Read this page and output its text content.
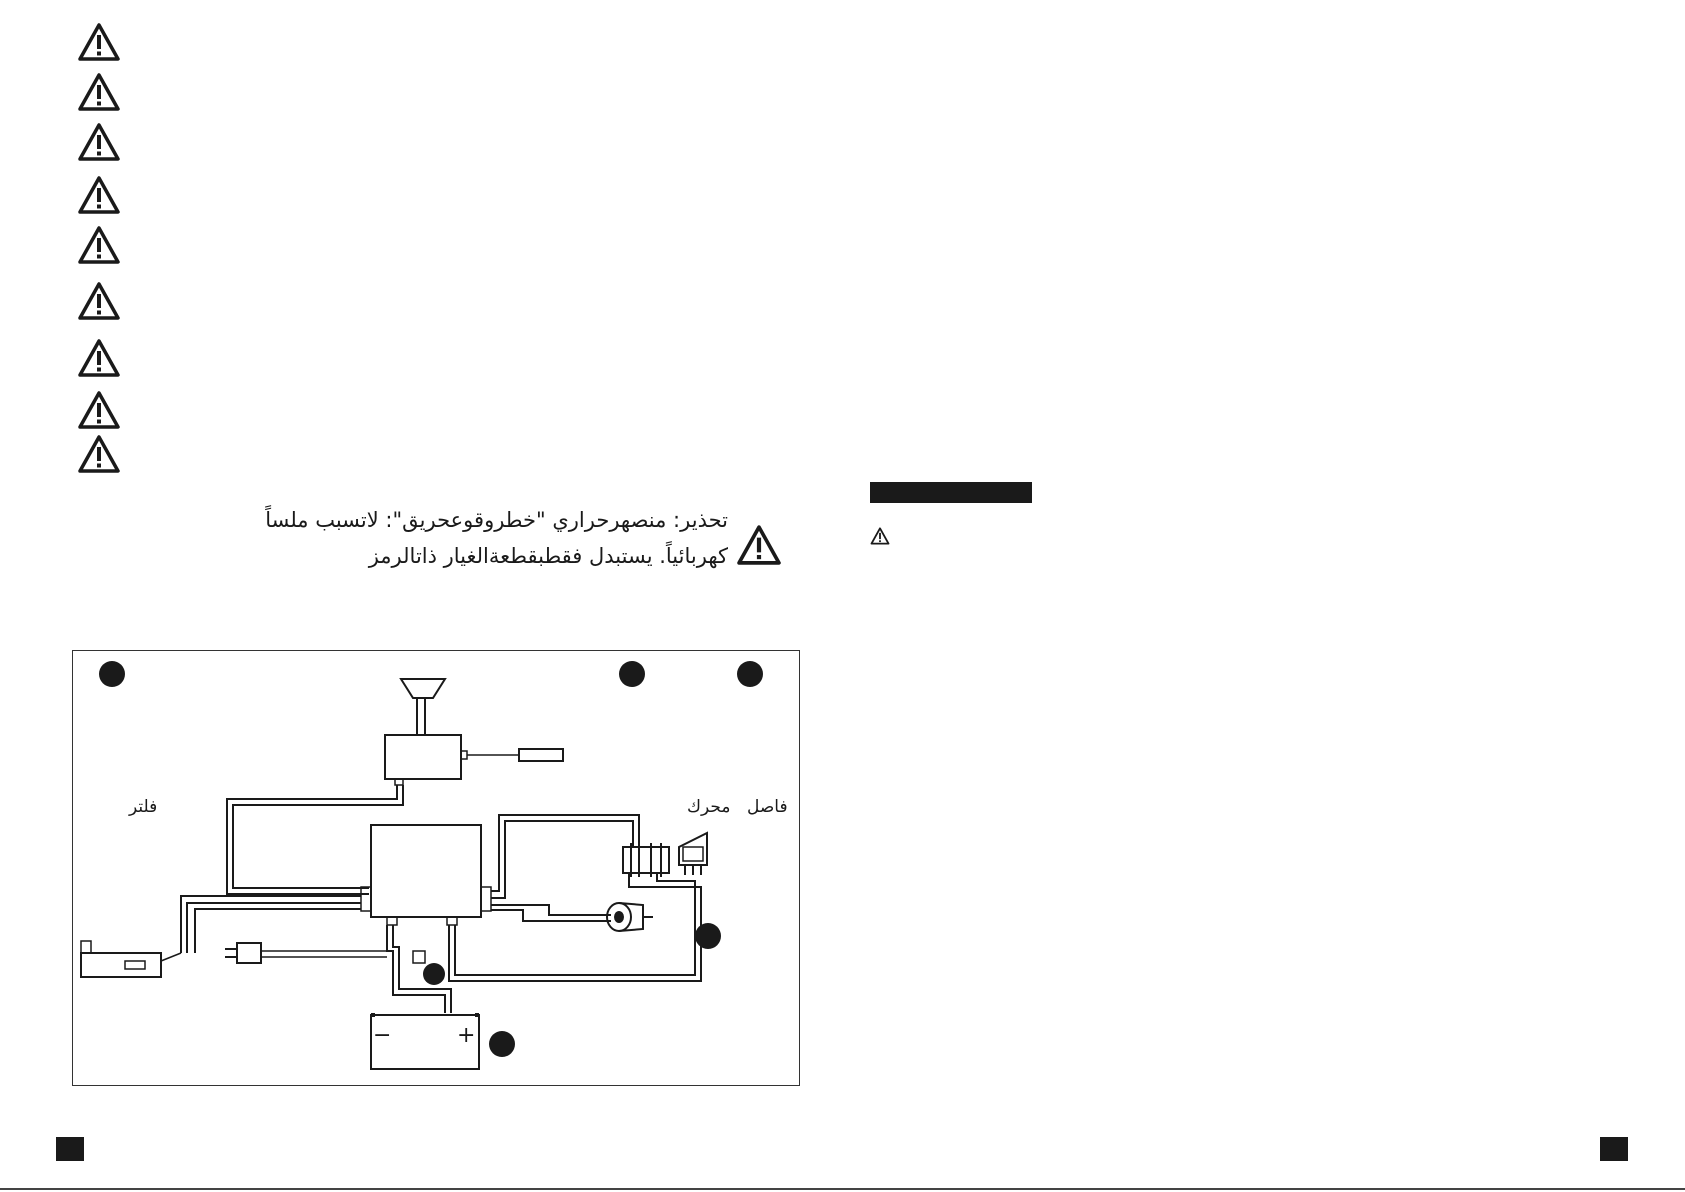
تحذير: منصهرحراري "خطروقوعحريق": لاتسبب ملساً
كهربائياً. يستبدل فقطبقطعةالغيار ذاتالرمز
فلتر	محرك فاصل
−	+
